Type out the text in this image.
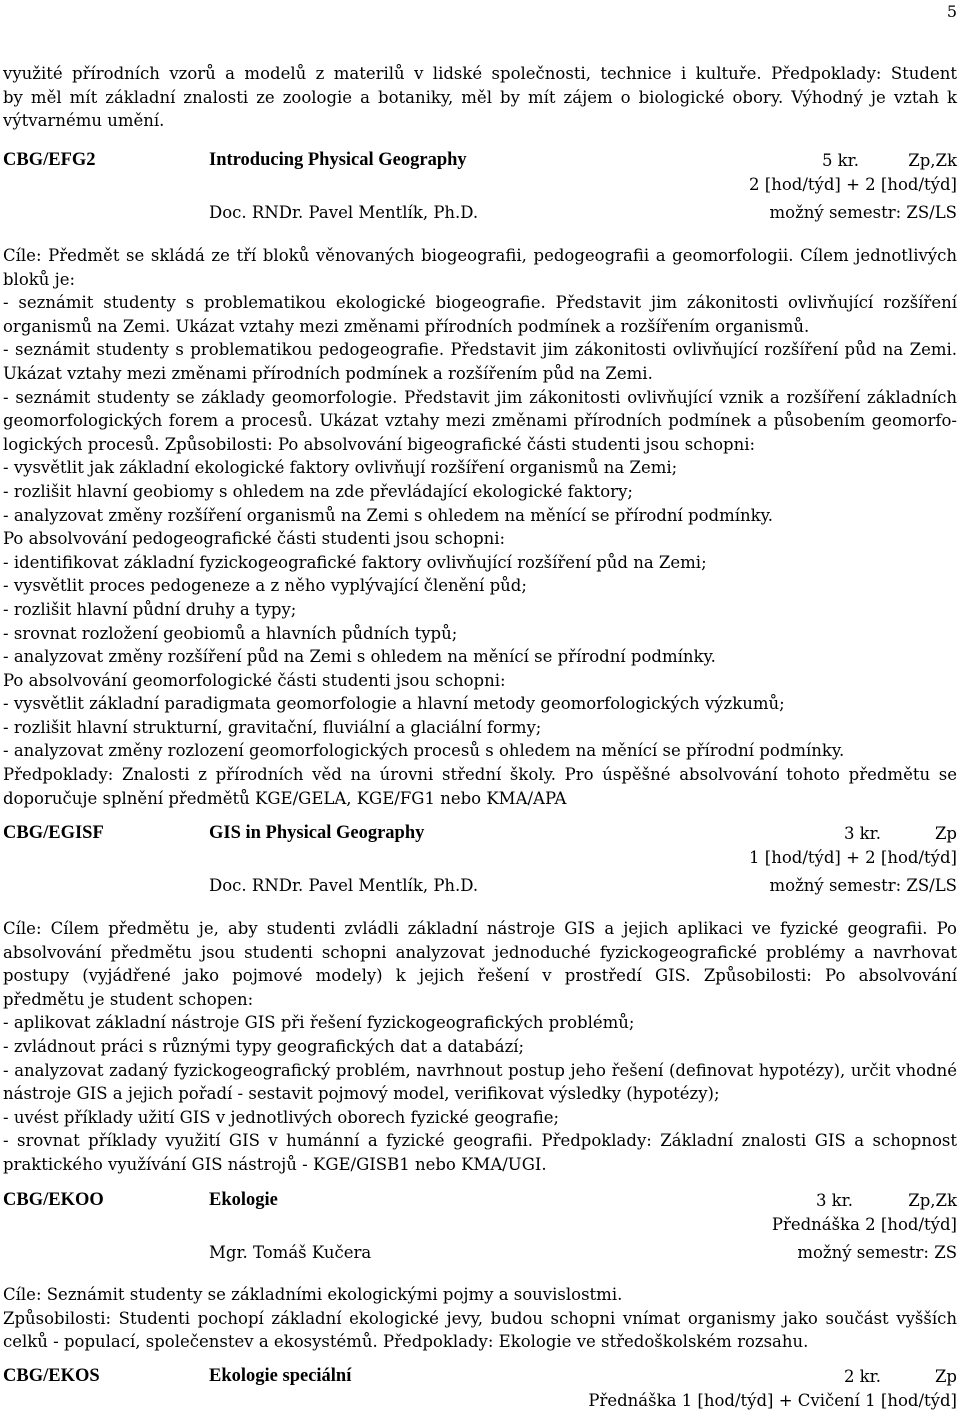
5
využité přírodních vzorů a modelů z materilů v lidské společnosti, technice i kultuře. Předpoklady: Student
by měl mít základní znalosti ze zoologie a botaniky, měl by mít zájem o biologické obory. Výhodný je vztah k
výtvarnému umění.
CBG/EFG2	Introducing Physical Geography	5 kr.	Zp,Zk
2 [hod/týd] + 2 [hod/týd]
Doc. RNDr. Pavel Mentlík, Ph.D.	možný semestr: ZS/LS
Cíle: Předmět se skládá ze tří bloků věnovaných biogeografii, pedogeografii a geomorfologii. Cílem jednotlivých
bloků je:
- seznámit studenty s problematikou ekologické biogeografie. Představit jim zákonitosti ovlivňující rozšíření
organismů na Zemi. Ukázat vztahy mezi změnami přírodních podmínek a rozšířením organismů.
- seznámit studenty s problematikou pedogeografie. Představit jim zákonitosti ovlivňující rozšíření půd na Zemi.
Ukázat vztahy mezi změnami přírodních podmínek a rozšířením půd na Zemi.
- seznámit studenty se základy geomorfologie. Představit jim zákonitosti ovlivňující vznik a rozšíření základních
geomorfologických forem a procesů. Ukázat vztahy mezi změnami přírodních podmínek a působením geomorfo-
logických procesů. Způsobilosti: Po absolvování bigeografické části studenti jsou schopni:
- vysvětlit jak základní ekologické faktory ovlivňují rozšíření organismů na Zemi;
- rozlišit hlavní geobiomy s ohledem na zde převládající ekologické faktory;
- analyzovat změny rozšíření organismů na Zemi s ohledem na měnící se přírodní podmínky.
Po absolvování pedogeografické části studenti jsou schopni:
- identifikovat základní fyzickogeografické faktory ovlivňující rozšíření půd na Zemi;
- vysvětlit proces pedogeneze a z něho vyplývající členění půd;
- rozlišit hlavní půdní druhy a typy;
- srovnat rozložení geobiomů a hlavních půdních typů;
- analyzovat změny rozšíření půd na Zemi s ohledem na měnící se přírodní podmínky.
Po absolvování geomorfologické části studenti jsou schopni:
- vysvětlit základní paradigmata geomorfologie a hlavní metody geomorfologických výzkumů;
- rozlišit hlavní strukturní, gravitační, fluviální a glaciální formy;
- analyzovat změny rozlození geomorfologických procesů s ohledem na měnící se přírodní podmínky.
Předpoklady: Znalosti z přírodních věd na úrovni střední školy. Pro úspěšné absolvování tohoto předmětu se
doporučuje splnění předmětů KGE/GELA, KGE/FG1 nebo KMA/APA
CBG/EGISF	GIS in Physical Geography	3 kr.	Zp
1 [hod/týd] + 2 [hod/týd]
Doc. RNDr. Pavel Mentlík, Ph.D.	možný semestr: ZS/LS
Cíle: Cílem předmětu je, aby studenti zvládli základní nástroje GIS a jejich aplikaci ve fyzické geografii. Po
absolvování předmětu jsou studenti schopni analyzovat jednoduché fyzickogeografické problémy a navrhovat
postupy (vyjádřené jako pojmové modely) k jejich řešení v prostředí GIS. Způsobilosti: Po absolvování
předmětu je student schopen:
- aplikovat základní nástroje GIS při řešení fyzickogeografických problémů;
- zvládnout práci s různými typy geografických dat a databází;
- analyzovat zadaný fyzickogeografický problém, navrhnout postup jeho řešení (definovat hypotézy), určit vhodné
nástroje GIS a jejich pořadí - sestavit pojmový model, verifikovat výsledky (hypotézy);
- uvést příklady užití GIS v jednotlivých oborech fyzické geografie;
- srovnat příklady využití GIS v humánní a fyzické geografii. Předpoklady: Základní znalosti GIS a schopnost
praktického využívání GIS nástrojů - KGE/GISB1 nebo KMA/UGI.
CBG/EKOO	Ekologie	3 kr.	Zp,Zk
Přednáška 2 [hod/týd]
Mgr. Tomáš Kučera	možný semestr: ZS
Cíle: Seznámit studenty se základními ekologickými pojmy a souvislostmi.
Způsobilosti: Studenti pochopí základní ekologické jevy, budou schopni vnímat organismy jako součást vyšších
celků - populací, společenstev a ekosystémů. Předpoklady: Ekologie ve středoškolském rozsahu.
CBG/EKOS	Ekologie speciální	2 kr.	Zp
Přednáška 1 [hod/týd] + Cvičení 1 [hod/týd]
